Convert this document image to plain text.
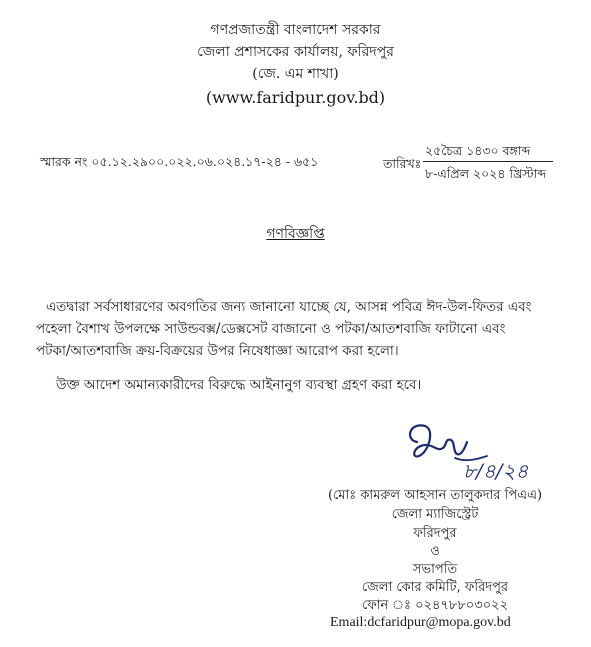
গণপ্রজাতন্ত্রী বাংলাদেশ সরকার
জেলা প্রশাসকের কার্যালয়, ফরিদপুর
(জে. এম শাখা)
(www.faridpur.gov.bd)
স্মারক নং ০৫.১২.২৯০০.০২২.০৬.০২৪.১৭-২৪ - ৬৫১	তারিখঃ
২৫চৈত্র ১৪৩০ বঙ্গাব্দ
৮-এপ্রিল ২০২৪ খ্রিস্টাব্দ
গণবিজ্ঞপ্তি
এতদ্বারা সর্বসাধারণের অবগতির জন্য জানানো যাচ্ছে যে, আসন্ন পবিত্র ঈদ-উল-ফিতর এবং
পহেলা বৈশাখ উপলক্ষে সাউন্ডবক্স/ডেক্সসেট বাজানো ও পটকা/আতশবাজি ফাটানো এবং
পটকা/আতশবাজি ক্রয়-বিক্রয়ের উপর নিষেধাজ্ঞা আরোপ করা হলো।
উক্ত আদেশ অমান্যকারীদের বিরুদ্ধে আইনানুগ ব্যবস্থা গ্রহণ করা হবে।
৮/৪/২৪
(মোঃ কামরুল আহসান তালুকদার পিএএ)
জেলা ম্যাজিস্ট্রেট
ফরিদপুর
ও
সভাপতি
জেলা কোর কমিটি, ফরিদপুর
ফোন ঃ ০২৪৭৮৮০৩০২২
Email:dcfaridpur@mopa.gov.bd
